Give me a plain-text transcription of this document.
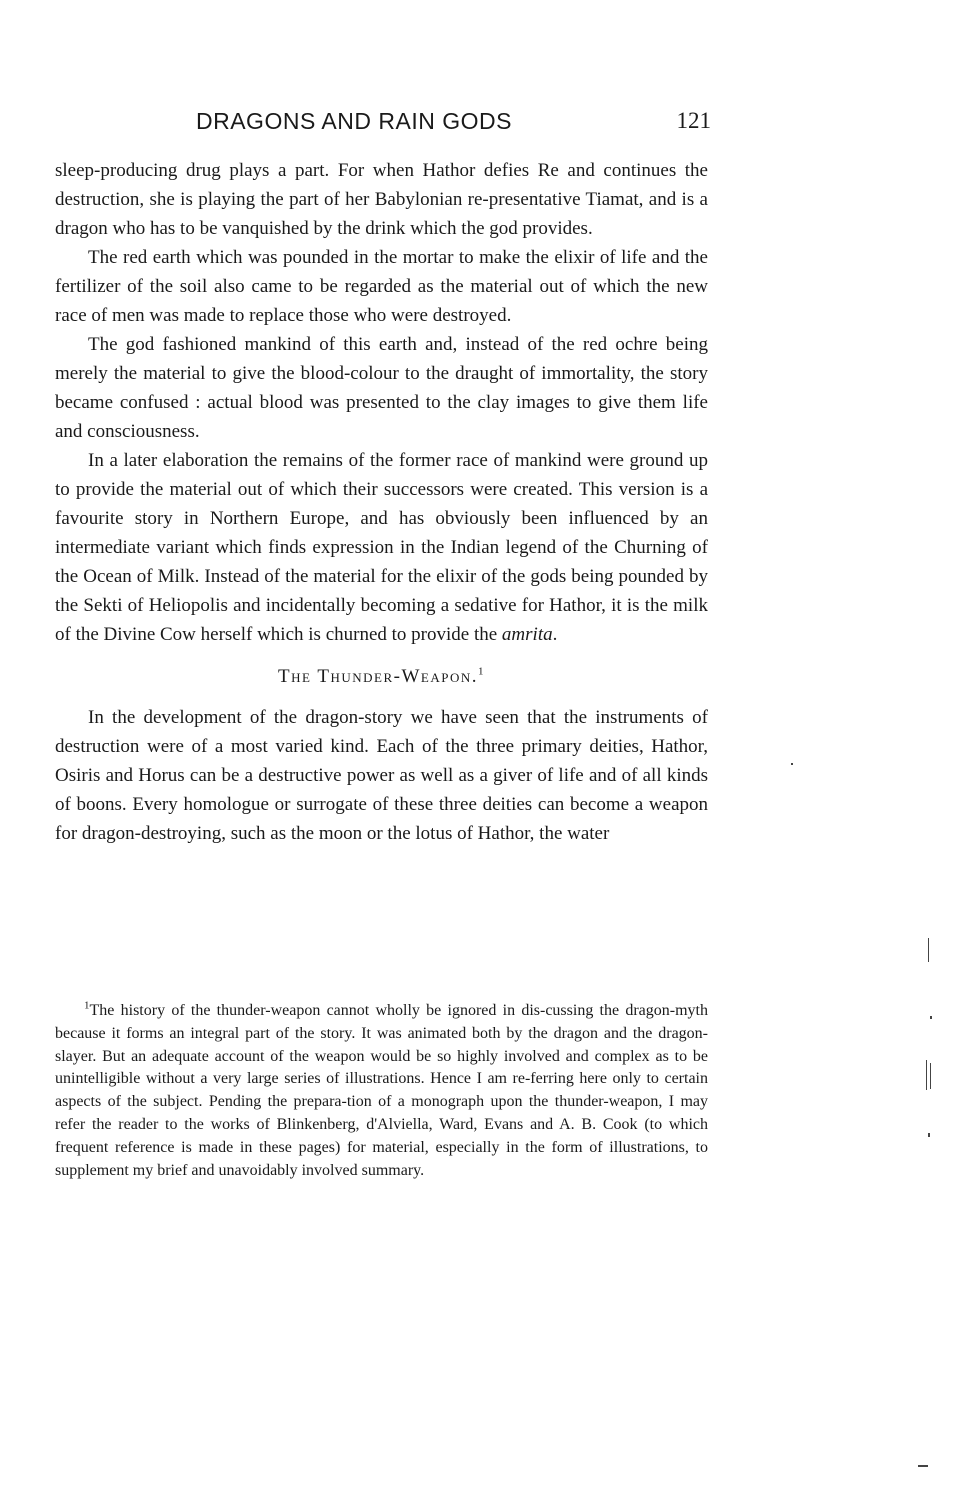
DRAGONS AND RAIN GODS	121

sleep-producing drug plays a part. For when Hathor defies Re and continues the destruction, she is playing the part of her Babylonian re-presentative Tiamat, and is a dragon who has to be vanquished by the drink which the god provides.

The red earth which was pounded in the mortar to make the elixir of life and the fertilizer of the soil also came to be regarded as the material out of which the new race of men was made to replace those who were destroyed.

The god fashioned mankind of this earth and, instead of the red ochre being merely the material to give the blood-colour to the draught of immortality, the story became confused : actual blood was presented to the clay images to give them life and consciousness.

In a later elaboration the remains of the former race of mankind were ground up to provide the material out of which their successors were created. This version is a favourite story in Northern Europe, and has obviously been influenced by an intermediate variant which finds expression in the Indian legend of the Churning of the Ocean of Milk. Instead of the material for the elixir of the gods being pounded by the Sekti of Heliopolis and incidentally becoming a sedative for Hathor, it is the milk of the Divine Cow herself which is churned to provide the amrita.

The Thunder-Weapon.$^1$

In the development of the dragon-story we have seen that the instruments of destruction were of a most varied kind. Each of the three primary deities, Hathor, Osiris and Horus can be a destructive power as well as a giver of life and of all kinds of boons. Every homologue or surrogate of these three deities can become a weapon for dragon-destroying, such as the moon or the lotus of Hathor, the water

$^1$The history of the thunder-weapon cannot wholly be ignored in dis-cussing the dragon-myth because it forms an integral part of the story. It was animated both by the dragon and the dragon-slayer. But an adequate account of the weapon would be so highly involved and complex as to be unintelligible without a very large series of illustrations. Hence I am re-ferring here only to certain aspects of the subject. Pending the prepara-tion of a monograph upon the thunder-weapon, I may refer the reader to the works of Blinkenberg, d'Alviella, Ward, Evans and A. B. Cook (to which frequent reference is made in these pages) for material, especially in the form of illustrations, to supplement my brief and unavoidably involved summary.
